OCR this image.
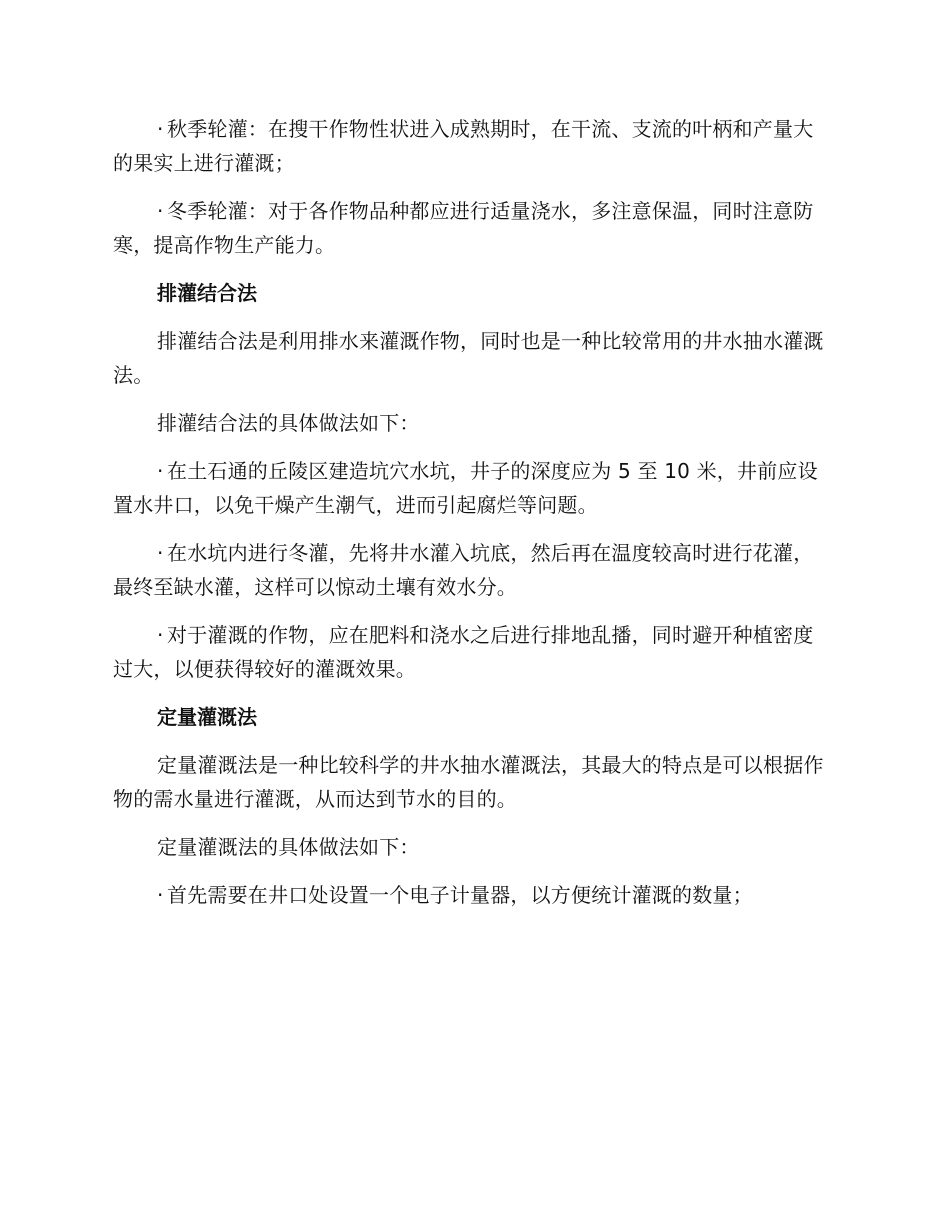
· 秋季轮灌：在搜干作物性状进入成熟期时，在干流、支流的叶柄和产量大的果实上进行灌溉；

· 冬季轮灌：对于各作物品种都应进行适量浇水，多注意保温，同时注意防寒，提高作物生产能力。

排灌结合法

排灌结合法是利用排水来灌溉作物，同时也是一种比较常用的井水抽水灌溉法。

排灌结合法的具体做法如下：

· 在土石通的丘陵区建造坑穴水坑，井子的深度应为 5 至 10 米，井前应设置水井口，以免干燥产生潮气，进而引起腐烂等问题。

· 在水坑内进行冬灌，先将井水灌入坑底，然后再在温度较高时进行花灌，最终至缺水灌，这样可以惊动土壤有效水分。

· 对于灌溉的作物，应在肥料和浇水之后进行排地乱播，同时避开种植密度过大，以便获得较好的灌溉效果。

定量灌溉法

定量灌溉法是一种比较科学的井水抽水灌溉法，其最大的特点是可以根据作物的需水量进行灌溉，从而达到节水的目的。

定量灌溉法的具体做法如下：

· 首先需要在井口处设置一个电子计量器，以方便统计灌溉的数量；
